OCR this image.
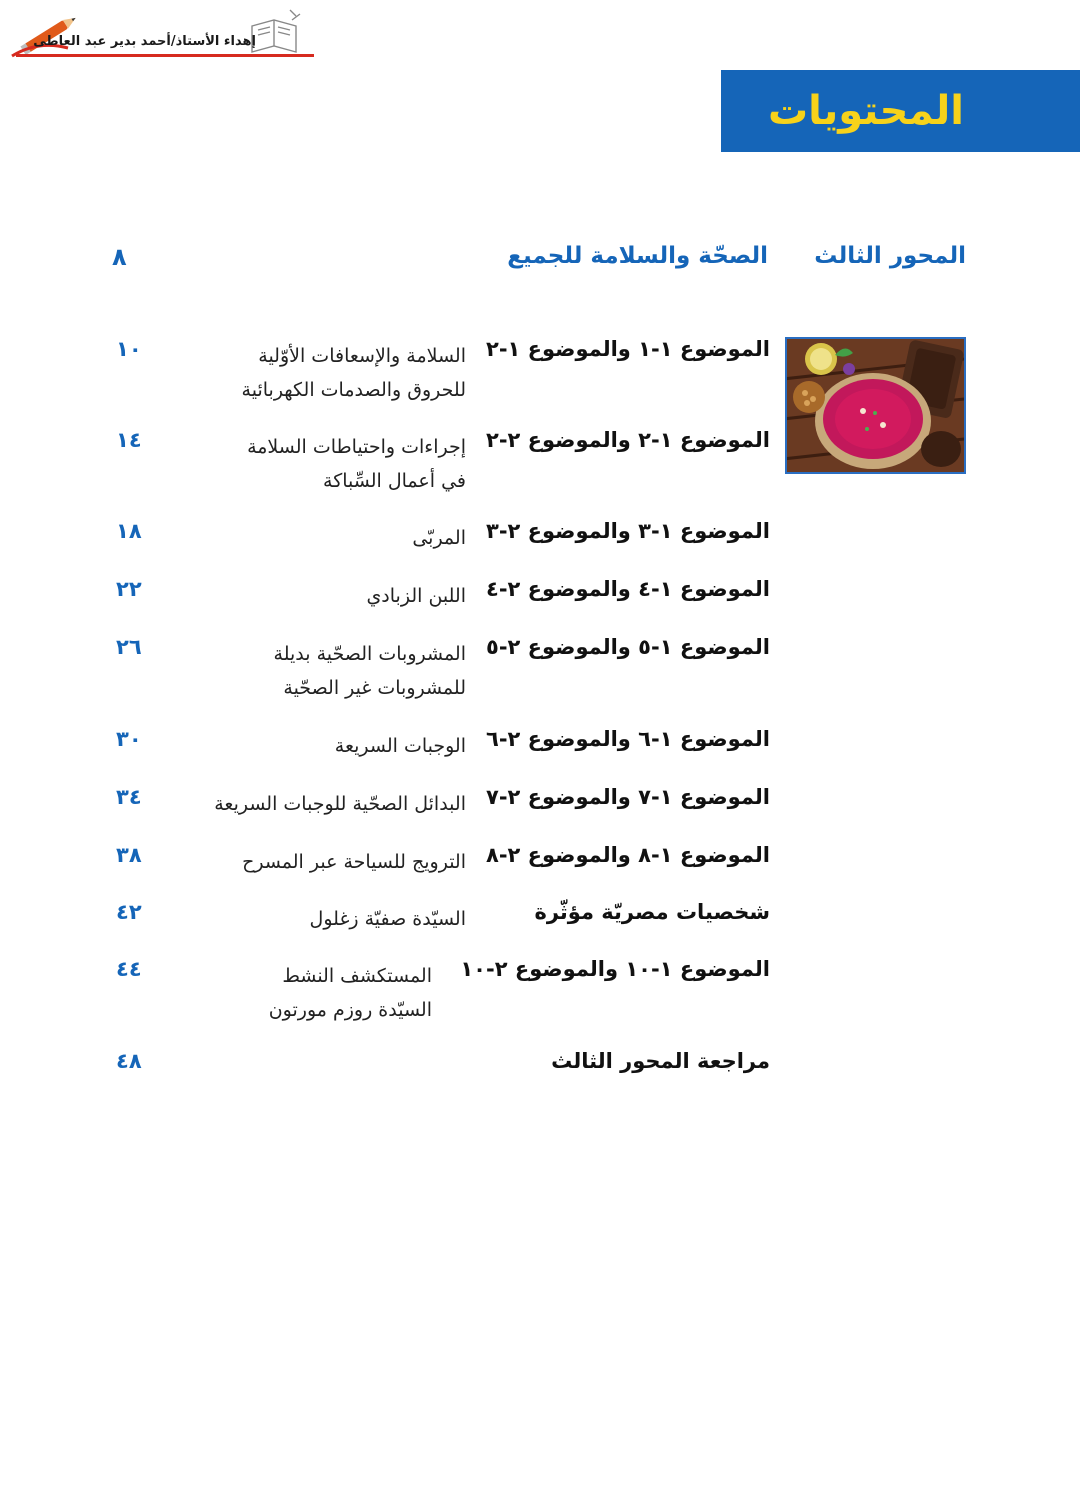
إهداء الأستاذ/أحمد بدير عبد العاطى
المحتويات
المحور الثالث
الصحّة والسلامة للجميع
٨
الموضوع ١-١ والموضوع ١-٢
السلامة والإسعافات الأوّلية
للحروق والصدمات الكهربائية
١٠
الموضوع ١-٢ والموضوع ٢-٢
إجراءات واحتياطات السلامة
في أعمال السِّباكة
١٤
الموضوع ١-٣ والموضوع ٢-٣
المربّى
١٨
الموضوع ١-٤ والموضوع ٢-٤
اللبن الزبادي
٢٢
الموضوع ١-٥ والموضوع ٢-٥
المشروبات الصحّية بديلة
للمشروبات غير الصحّية
٢٦
الموضوع ١-٦ والموضوع ٢-٦
الوجبات السريعة
٣٠
الموضوع ١-٧ والموضوع ٢-٧
البدائل الصحّية للوجبات السريعة
٣٤
الموضوع ١-٨ والموضوع ٢-٨
الترويج للسياحة عبر المسرح
٣٨
شخصيات مصريّة مؤثّرة
السيّدة صفيّة زغلول
٤٢
الموضوع ١-١٠ والموضوع ٢-١٠
المستكشف النشط
السيّدة روزم مورتون
٤٤
مراجعة المحور الثالث
٤٨
